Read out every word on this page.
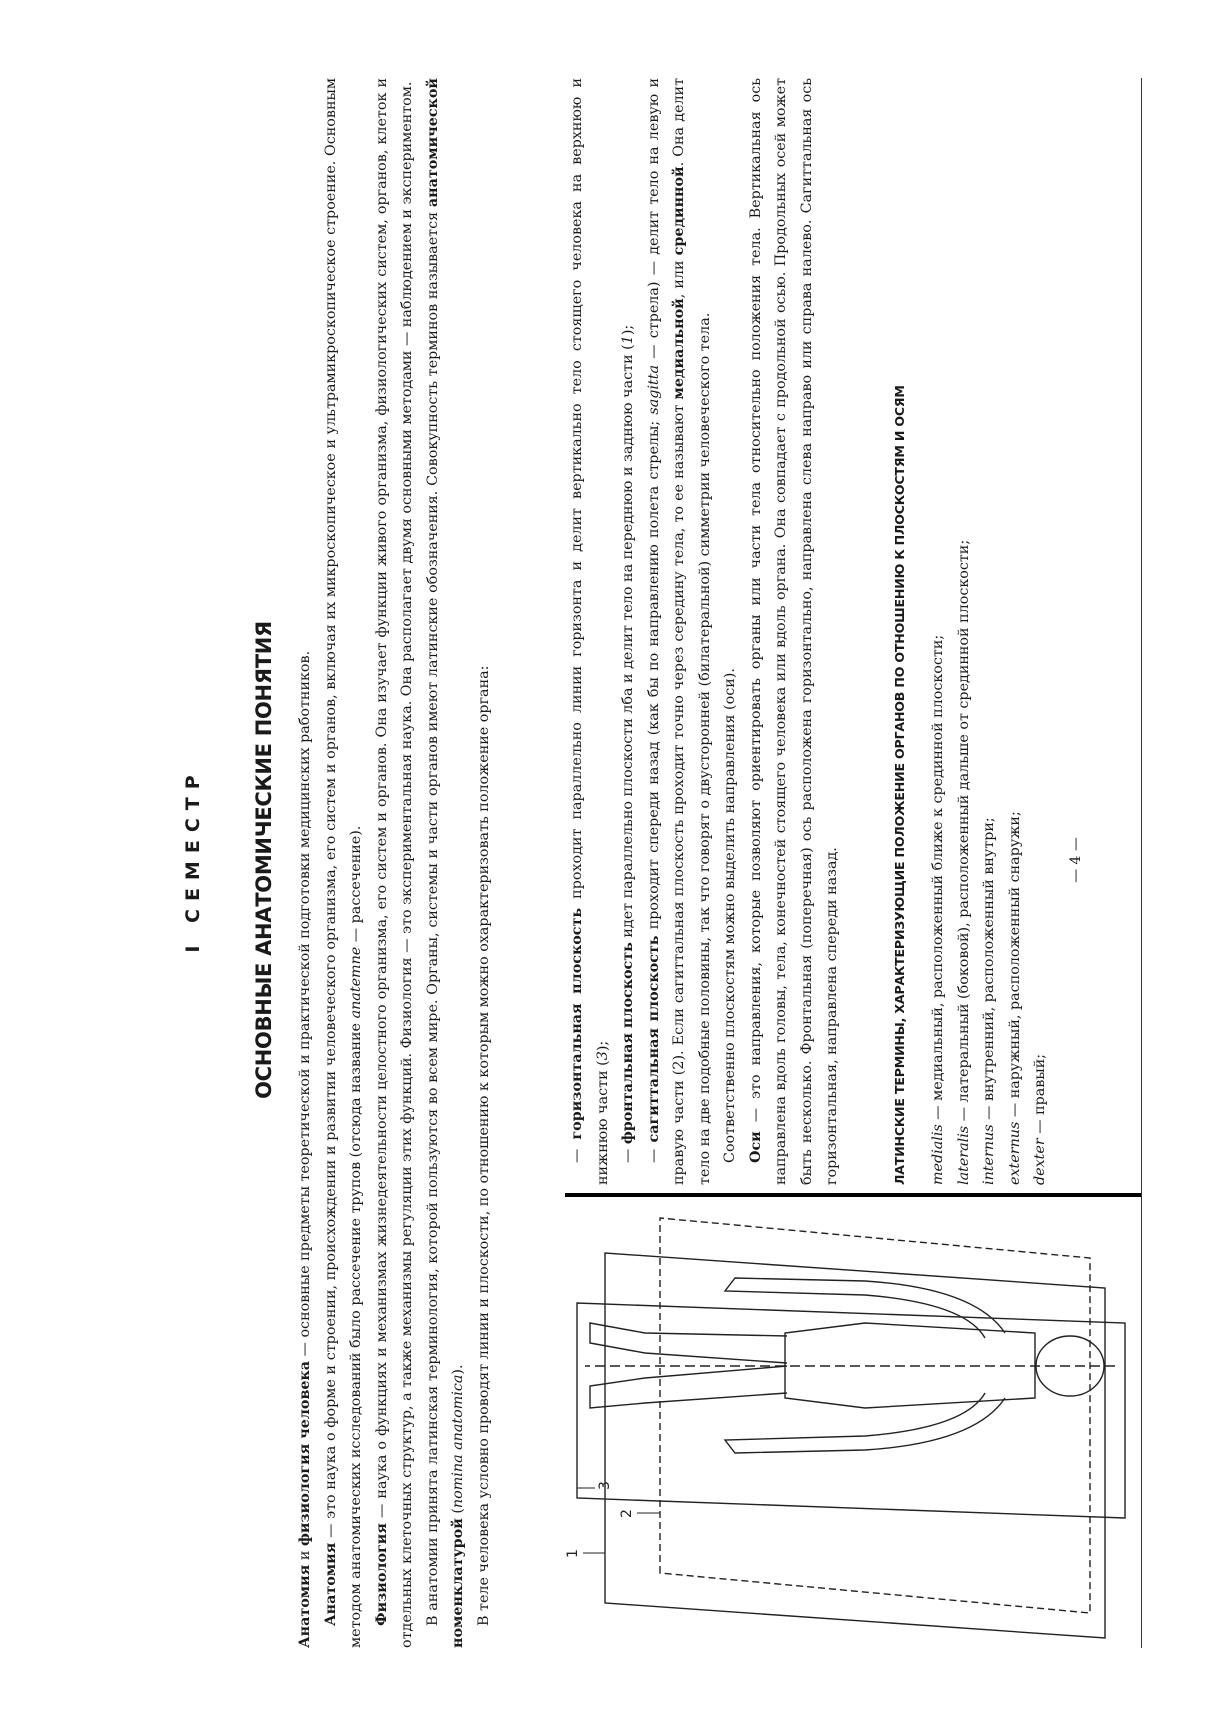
I СЕМЕСТР ОСНОВНЫЕ АНАТОМИЧЕСКИЕ ПОНЯТИЯ

Анатомия и физиология человека — основные предметы теоретической и практической подготовки медицинских работников.

Анатомия — это наука о форме и строении, происхождении и развитии человеческого организма, его систем и органов, включая их микроскопическое и ультрамикроскопическое строение. Основным методом анатомических исследований было рассечение трупов (отсюда название anatemne — рассечение).

Физиология — наука о функциях и механизмах жизнедеятельности целостного организма, его систем и органов. Она изучает функции живого организма, физиологических систем, органов, клеток и отдельных клеточных структур, а также механизмы регуляции этих функций. Физиология — это экспериментальная наука. Она располагает двумя основными методами — наблюдением и экспериментом. В анатомии принята латинская терминология, которой пользуются во всем мире. Органы, системы и части органов имеют латинские обозначения. Совокупность терминов называется анатомической номенклатурой (nomina anatomica). В теле человека условно проводят линии и плоскости, по отношению к которым можно охарактеризовать положение органа:	1
2
3

— горизонтальная плоскость проходит параллельно линии горизонта и делит вертикально тело стоящего человека на верхнюю и нижнюю части (3);

— фронтальная плоскость идет параллельно плоскости лба и делит тело на переднюю и заднюю части (1);

— сагиттальная плоскость проходит спереди назад (как бы по направлению полета стрелы; sagitta — стрела) — делит тело на левую и правую части (2). Если сагиттальная плоскость проходит точно через середину тела, то ее называют медиальной, или срединной. Она делит тело на две подобные половины, так что говорят о двусторонней (билатеральной) симметрии человеческого тела. Соответственно плоскостям можно выделить направления (оси). Оси — это направления, которые позволяют ориентировать органы или части тела относительно положения тела. Вертикальная ось направлена вдоль головы, тела, конечностей стоящего человека или вдоль органа. Она совпадает с продольной осью. Продольных осей может быть несколько. Фронтальная (поперечная) ось расположена горизонтально, направлена слева направо или справа налево. Сагиттальная ось горизонтальная, направлена спереди назад.	ЛАТИНСКИЕ ТЕРМИНЫ, ХАРАКТЕРИЗУЮЩИЕ ПОЛОЖЕНИЕ ОРГАНОВ ПО ОТНОШЕНИЮ К ПЛОСКОСТЯМ И ОСЯМ	medialis — медиальный, расположенный ближе к срединной плоскости;

lateralis — латеральный (боковой), расположенный дальше от срединной плоскости;

internus — внутренний, расположенный внутри;

externus — наружный, расположенный снаружи;

dexter — правый;

— 4 —
